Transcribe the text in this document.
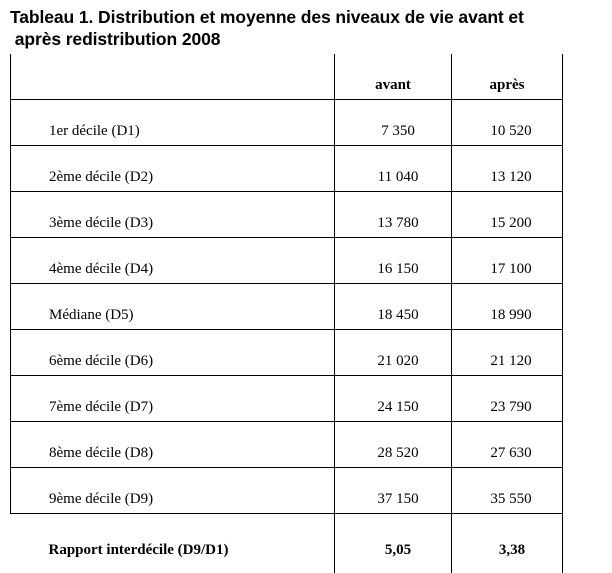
Tableau 1. Distribution et moyenne des niveaux de vie avant et
après redistribution 2008
	avant	après
1er décile (D1)	7 350	10 520
2ème décile (D2)	11 040	13 120
3ème décile (D3)	13 780	15 200
4ème décile (D4)	16 150	17 100
Médiane (D5)	18 450	18 990
6ème décile (D6)	21 020	21 120
7ème décile (D7)	24 150	23 790
8ème décile (D8)	28 520	27 630
9ème décile (D9)	37 150	35 550
Rapport interdécile (D9/D1)	5,05	3,38
